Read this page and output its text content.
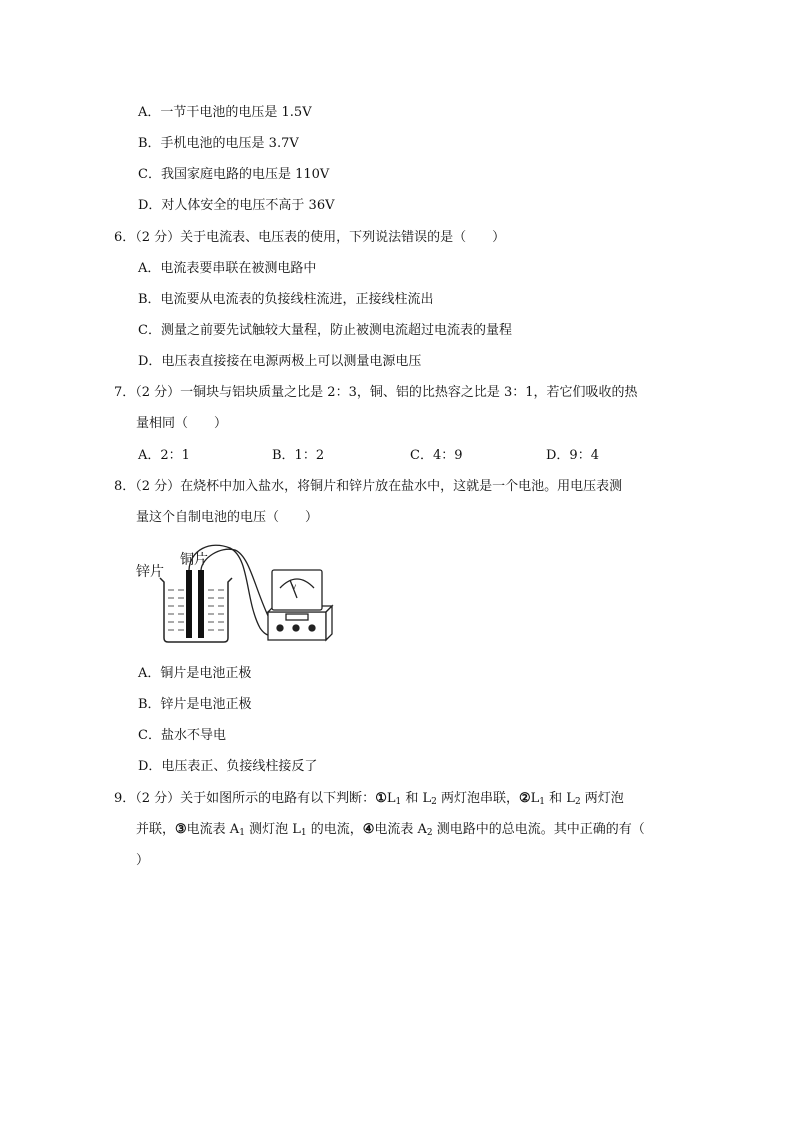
A．一节干电池的电压是 1.5V
B．手机电池的电压是 3.7V
C．我国家庭电路的电压是 110V
D．对人体安全的电压不高于 36V
6．（2 分）关于电流表、电压表的使用，下列说法错误的是（　　）
A．电流表要串联在被测电路中
B．电流要从电流表的负接线柱流进，正接线柱流出
C．测量之前要先试触较大量程，防止被测电流超过电流表的量程
D．电压表直接接在电源两极上可以测量电源电压
7．（2 分）一铜块与铝块质量之比是 2：3，铜、铝的比热容之比是 3：1，若它们吸收的热
量相同（　　）
A．2：1	B．1：2	C．4：9	D．9：4
8．（2 分）在烧杯中加入盐水，将铜片和锌片放在盐水中，这就是一个电池。用电压表测
量这个自制电池的电压（　　）
锌片
铜片
V
A．铜片是电池正极
B．锌片是电池正极
C．盐水不导电
D．电压表正、负接线柱接反了
9．（2 分）关于如图所示的电路有以下判断：$①L_1$ 和 $L_2$ 两灯泡串联，$②L_1$ 和 $L_2$ 两灯泡
并联，③电流表 $A_1$ 测灯泡 $L_1$ 的电流，④电流表 $A_2$ 测电路中的总电流。其中正确的有（
）
